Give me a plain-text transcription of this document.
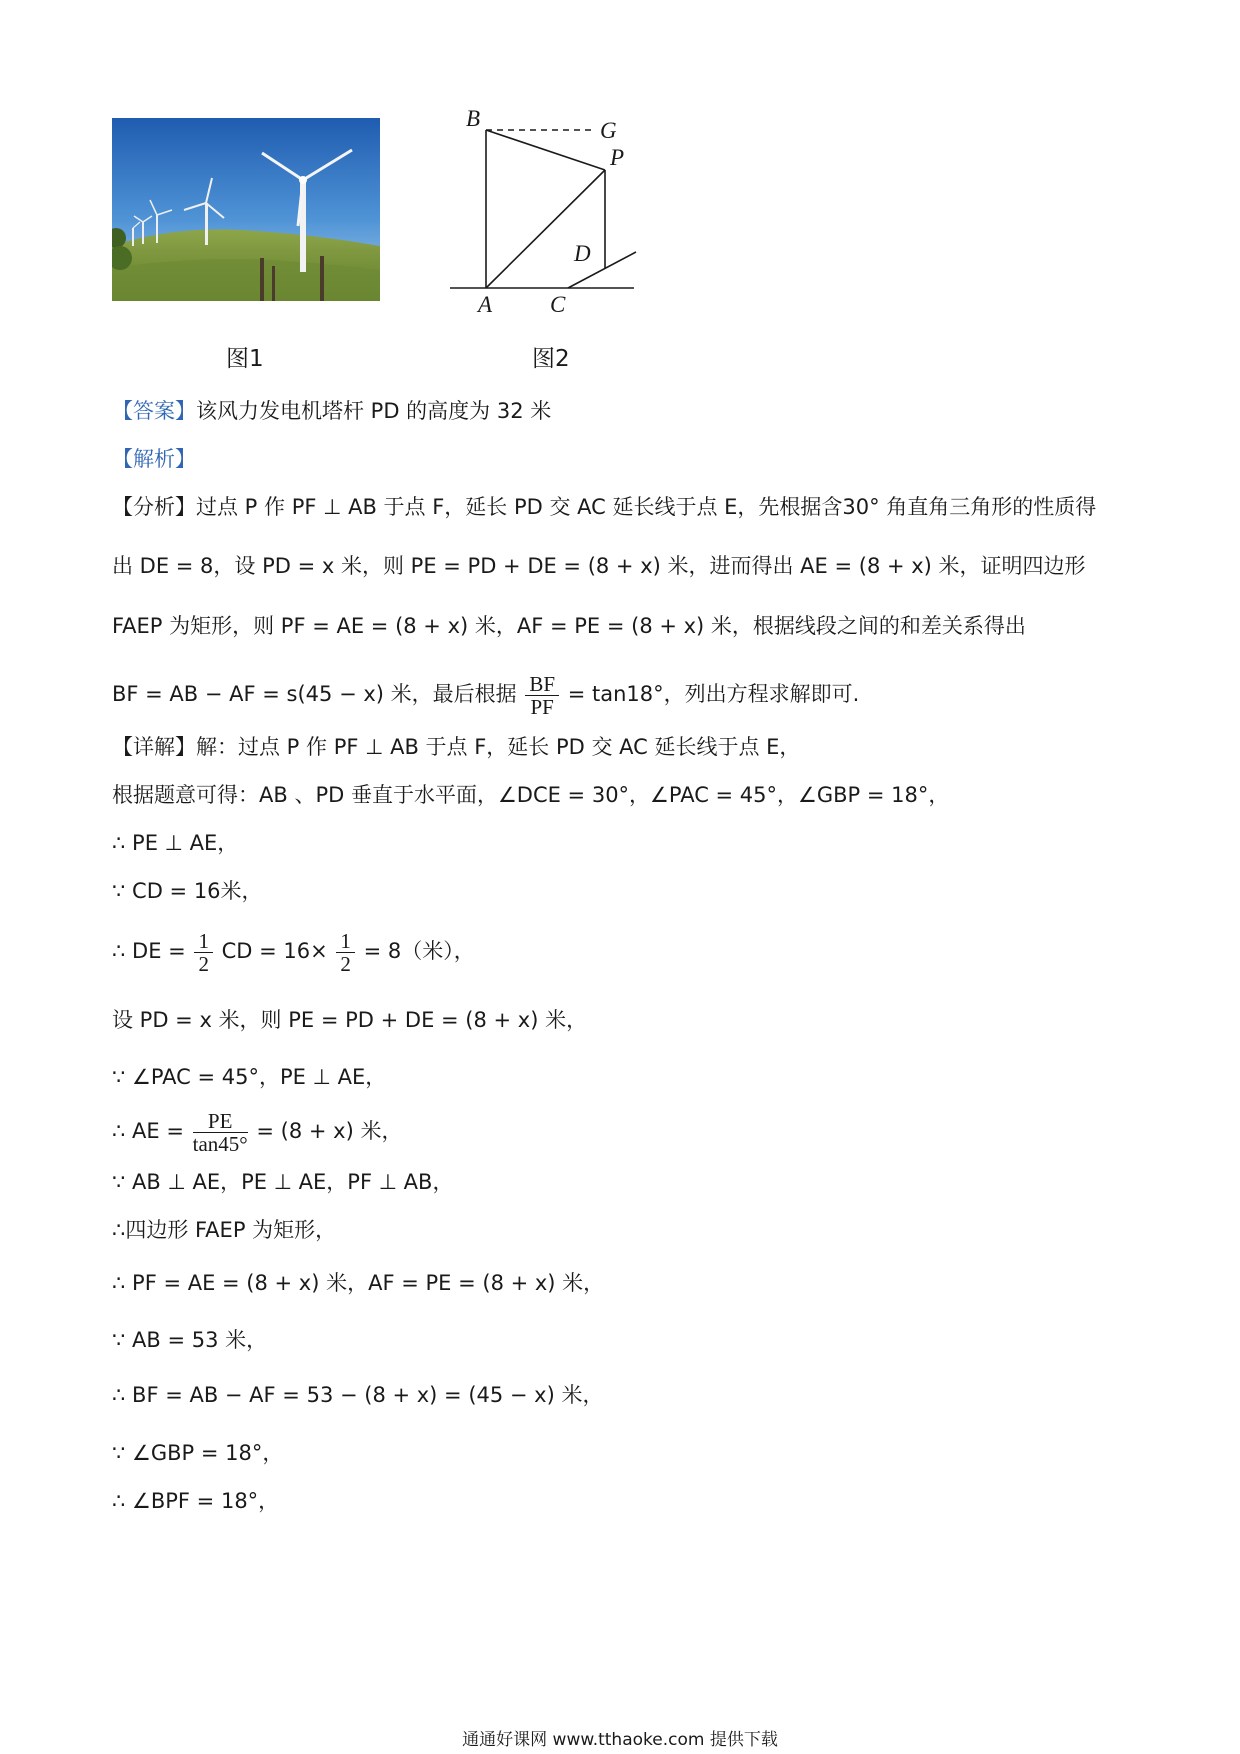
B	G
P
D
A	C
图1	图2
【答案】该风力发电机塔杆 PD 的高度为 32 米
【解析】
【分析】过点 P 作 PF ⊥ AB 于点 F，延长 PD 交 AC 延长线于点 E，先根据含30° 角直角三角形的性质得
出 DE = 8，设 PD = x 米，则 PE = PD + DE = (8 + x) 米，进而得出 AE = (8 + x) 米，证明四边形
FAEP 为矩形，则 PF = AE = (8 + x) 米，AF = PE = (8 + x) 米，根据线段之间的和差关系得出
BF = AB − AF = s(45 − x) 米，最后根据 $\frac{BF}{PF} = \tan 18^\circ$，列出方程求解即可.
【详解】解：过点 P 作 PF ⊥ AB 于点 F，延长 PD 交 AC 延长线于点 E，
根据题意可得：AB 、PD 垂直于水平面，∠DCE = 30°，∠PAC = 45°，∠GBP = 18°，
∴ PE ⊥ AE，
∵ CD = 16米，
∴ DE = $\frac{1}{2}$ CD = $16\times \frac{1}{2} = 8$（米），
设 PD = x 米，则 PE = PD + DE = (8 + x) 米，
∵ ∠PAC = 45°，PE ⊥ AE，
∴ AE = $\frac{PE}{\tan 45^\circ} = (8 + x)$ 米，
∵ AB ⊥ AE，PE ⊥ AE，PF ⊥ AB，
∴四边形 FAEP 为矩形，
∴ PF = AE = (8 + x) 米，AF = PE = (8 + x) 米，
∵ AB = 53 米，
∴ BF = AB − AF = 53 − (8 + x) = (45 − x) 米，
∵ ∠GBP = 18°，
∴ ∠BPF = 18°，
通通好课网 www.tthaoke.com 提供下载
